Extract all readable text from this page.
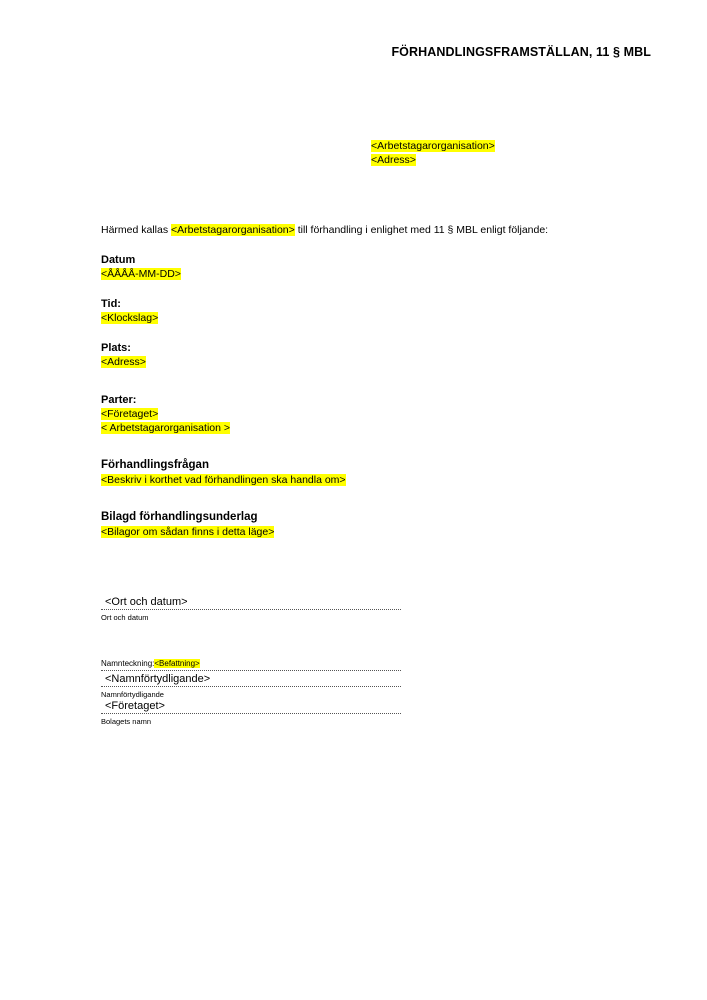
FÖRHANDLINGSFRAMSTÄLLAN, 11 § MBL
<Arbetstagarorganisation>
<Adress>

Härmed kallas <Arbetstagarorganisation> till förhandling i enlighet med 11 § MBL enligt följande:

Datum
<ÅÅÅÅ-MM-DD>
Tid:
<Klockslag>
Plats:
<Adress>
Parter:
<Företaget>
< Arbetstagarorganisation >
Förhandlingsfrågan
<Beskriv i korthet vad förhandlingen ska handla om>
Bilagd förhandlingsunderlag
<Bilagor om sådan finns i detta läge>
<Ort och datum>
Ort och datum
Namnteckning:<Befattning>
<Namnförtydligande>
Namnförtydligande
<Företaget>
Bolagets namn
